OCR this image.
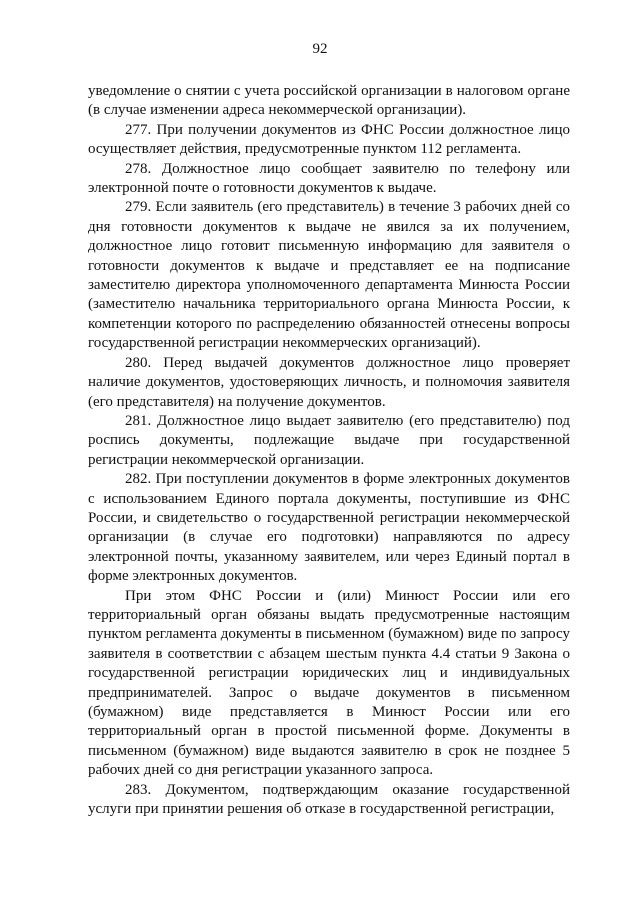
92

уведомление о снятии с учета российской организации в налоговом органе (в случае изменении адреса некоммерческой организации).

277. При получении документов из ФНС России должностное лицо осуществляет действия, предусмотренные пунктом 112 регламента.

278. Должностное лицо сообщает заявителю по телефону или электронной почте о готовности документов к выдаче.

279. Если заявитель (его представитель) в течение 3 рабочих дней со дня готовности документов к выдаче не явился за их получением, должностное лицо готовит письменную информацию для заявителя о готовности документов к выдаче и представляет ее на подписание заместителю директора уполномоченного департамента Минюста России (заместителю начальника территориального органа Минюста России, к компетенции которого по распределению обязанностей отнесены вопросы государственной регистрации некоммерческих организаций).

280. Перед выдачей документов должностное лицо проверяет наличие документов, удостоверяющих личность, и полномочия заявителя (его представителя) на получение документов.

281. Должностное лицо выдает заявителю (его представителю) под роспись документы, подлежащие выдаче при государственной регистрации некоммерческой организации.

282. При поступлении документов в форме электронных документов с использованием Единого портала документы, поступившие из ФНС России, и свидетельство о государственной регистрации некоммерческой организации (в случае его подготовки) направляются по адресу электронной почты, указанному заявителем, или через Единый портал в форме электронных документов.

При этом ФНС России и (или) Минюст России или его территориальный орган обязаны выдать предусмотренные настоящим пунктом регламента документы в письменном (бумажном) виде по запросу заявителя в соответствии с абзацем шестым пункта 4.4 статьи 9 Закона о государственной регистрации юридических лиц и индивидуальных предпринимателей. Запрос о выдаче документов в письменном (бумажном) виде представляется в Минюст России или его территориальный орган в простой письменной форме. Документы в письменном (бумажном) виде выдаются заявителю в срок не позднее 5 рабочих дней со дня регистрации указанного запроса.

283. Документом, подтверждающим оказание государственной услуги при принятии решения об отказе в государственной регистрации,
